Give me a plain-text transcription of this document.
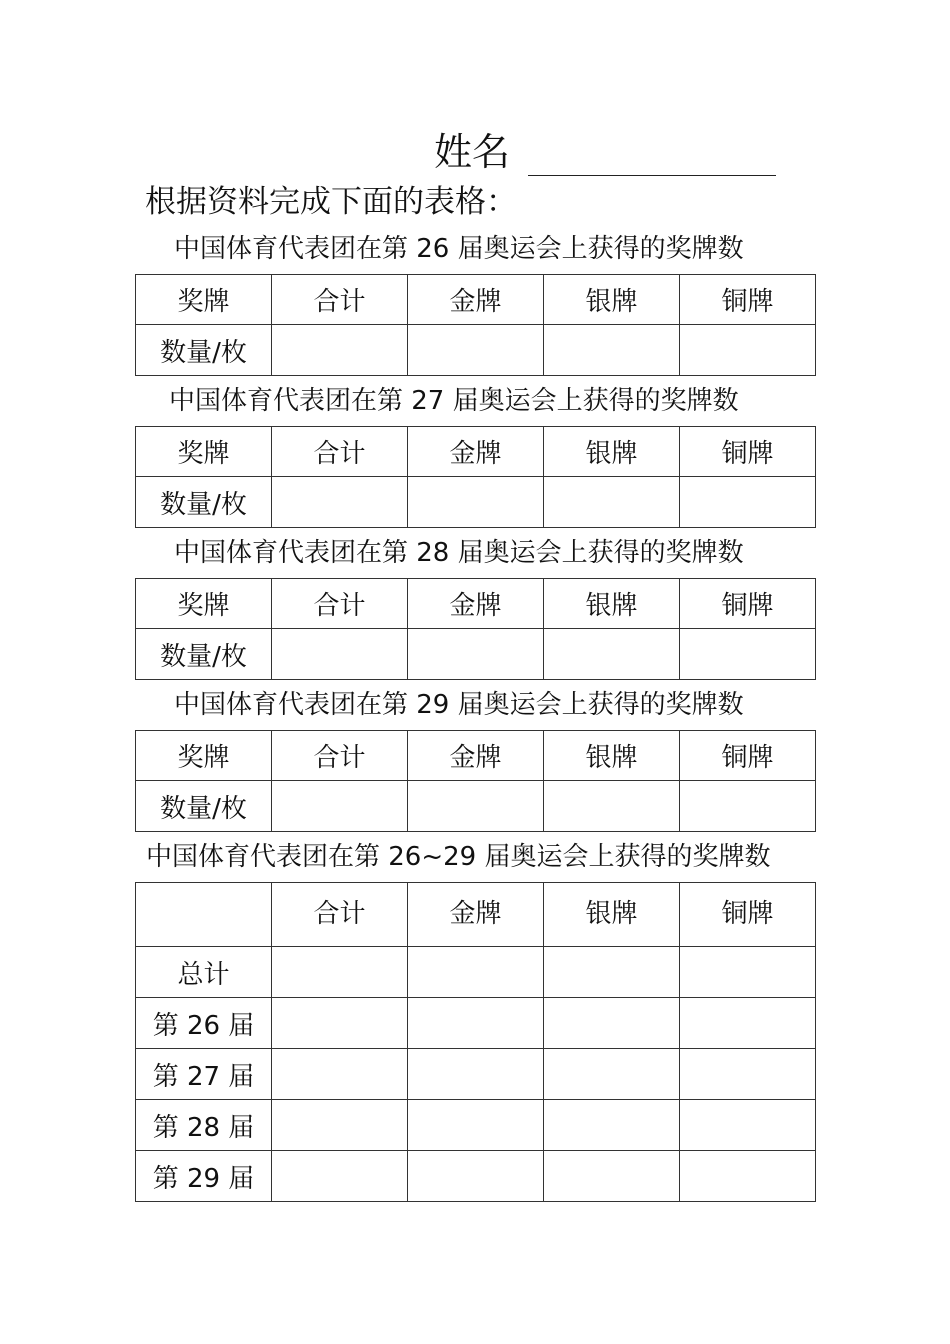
姓名
根据资料完成下面的表格：
中国体育代表团在第 26 届奥运会上获得的奖牌数
奖牌	合计	金牌	银牌	铜牌
数量/枚				
中国体育代表团在第 27 届奥运会上获得的奖牌数
奖牌	合计	金牌	银牌	铜牌
数量/枚				
中国体育代表团在第 28 届奥运会上获得的奖牌数
奖牌	合计	金牌	银牌	铜牌
数量/枚				
中国体育代表团在第 29 届奥运会上获得的奖牌数
奖牌	合计	金牌	银牌	铜牌
数量/枚				
中国体育代表团在第 26~29 届奥运会上获得的奖牌数
	合计	金牌	银牌	铜牌
总计				
第 26 届				
第 27 届				
第 28 届				
第 29 届				
